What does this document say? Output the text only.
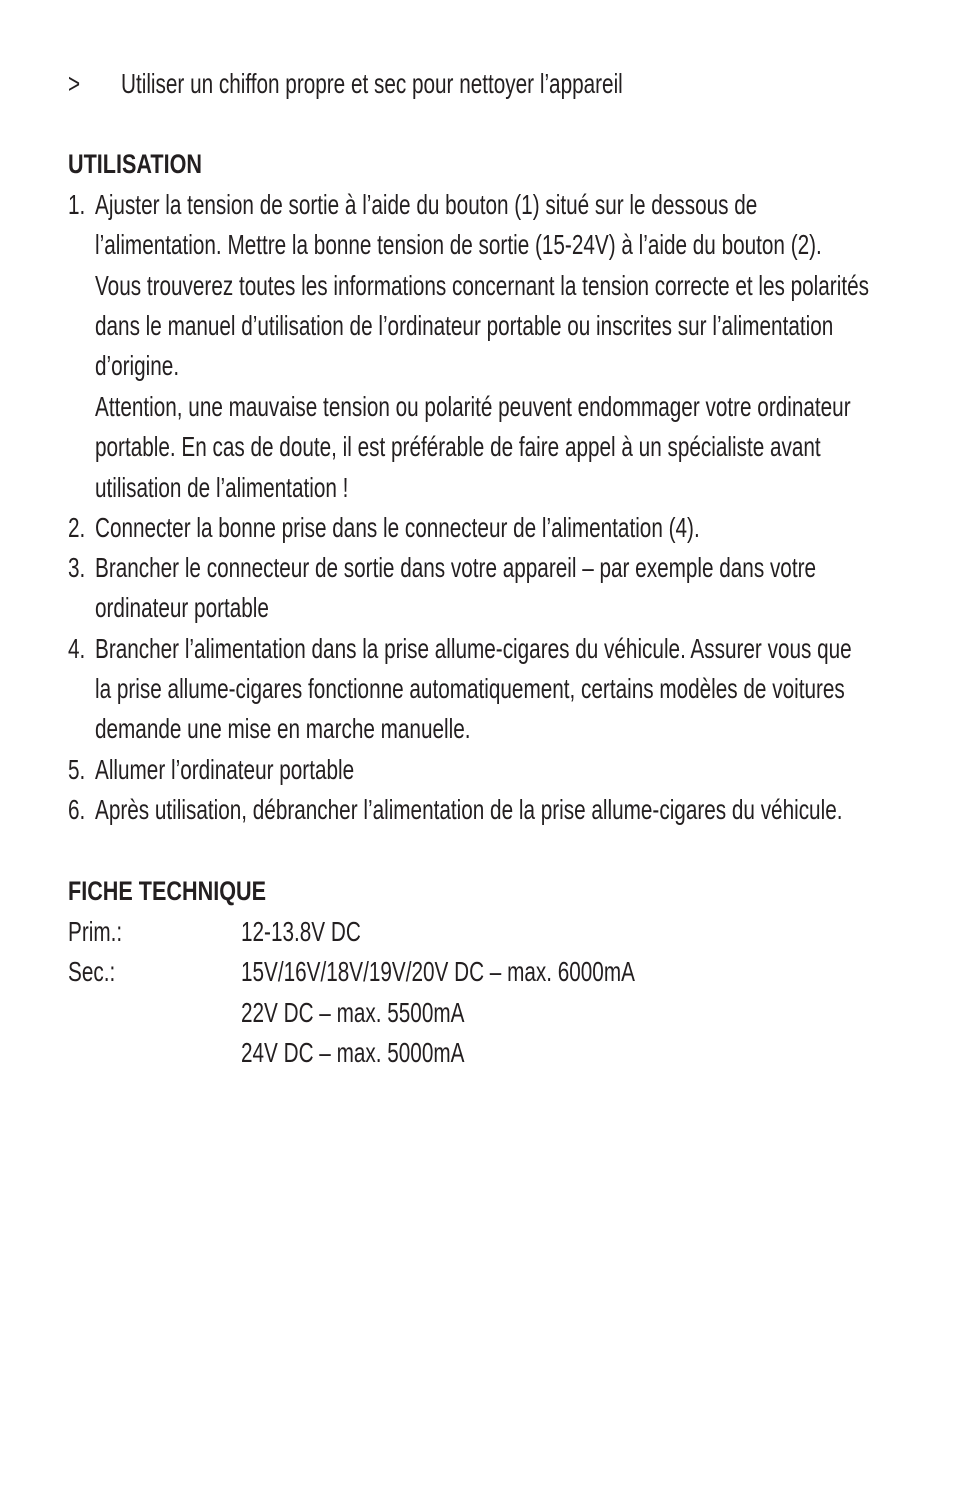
> Utiliser un chiffon propre et sec pour nettoyer l’appareil
UTILISATION
1. Ajuster la tension de sortie à l’aide du bouton (1) situé sur le dessous de
l’alimentation. Mettre la bonne tension de sortie (15-24V) à l’aide du bouton (2).
Vous trouverez toutes les informations concernant la tension correcte et les polarités
dans le manuel d’utilisation de l’ordinateur portable ou inscrites sur l’alimentation
d’origine.
Attention, une mauvaise tension ou polarité peuvent endommager votre ordinateur
portable. En cas de doute, il est préférable de faire appel à un spécialiste avant
utilisation de l’alimentation !
2. Connecter la bonne prise dans le connecteur de l’alimentation (4).
3. Brancher le connecteur de sortie dans votre appareil – par exemple dans votre
ordinateur portable
4. Brancher l’alimentation dans la prise allume-cigares du véhicule. Assurer vous que
la prise allume-cigares fonctionne automatiquement, certains modèles de voitures
demande une mise en marche manuelle.
5. Allumer l’ordinateur portable
6. Après utilisation, débrancher l’alimentation de la prise allume-cigares du véhicule.
FICHE TECHNIQUE
Prim.:	12-13.8V DC
Sec.:	15V/16V/18V/19V/20V DC – max. 6000mA
22V DC – max. 5500mA
24V DC – max. 5000mA
